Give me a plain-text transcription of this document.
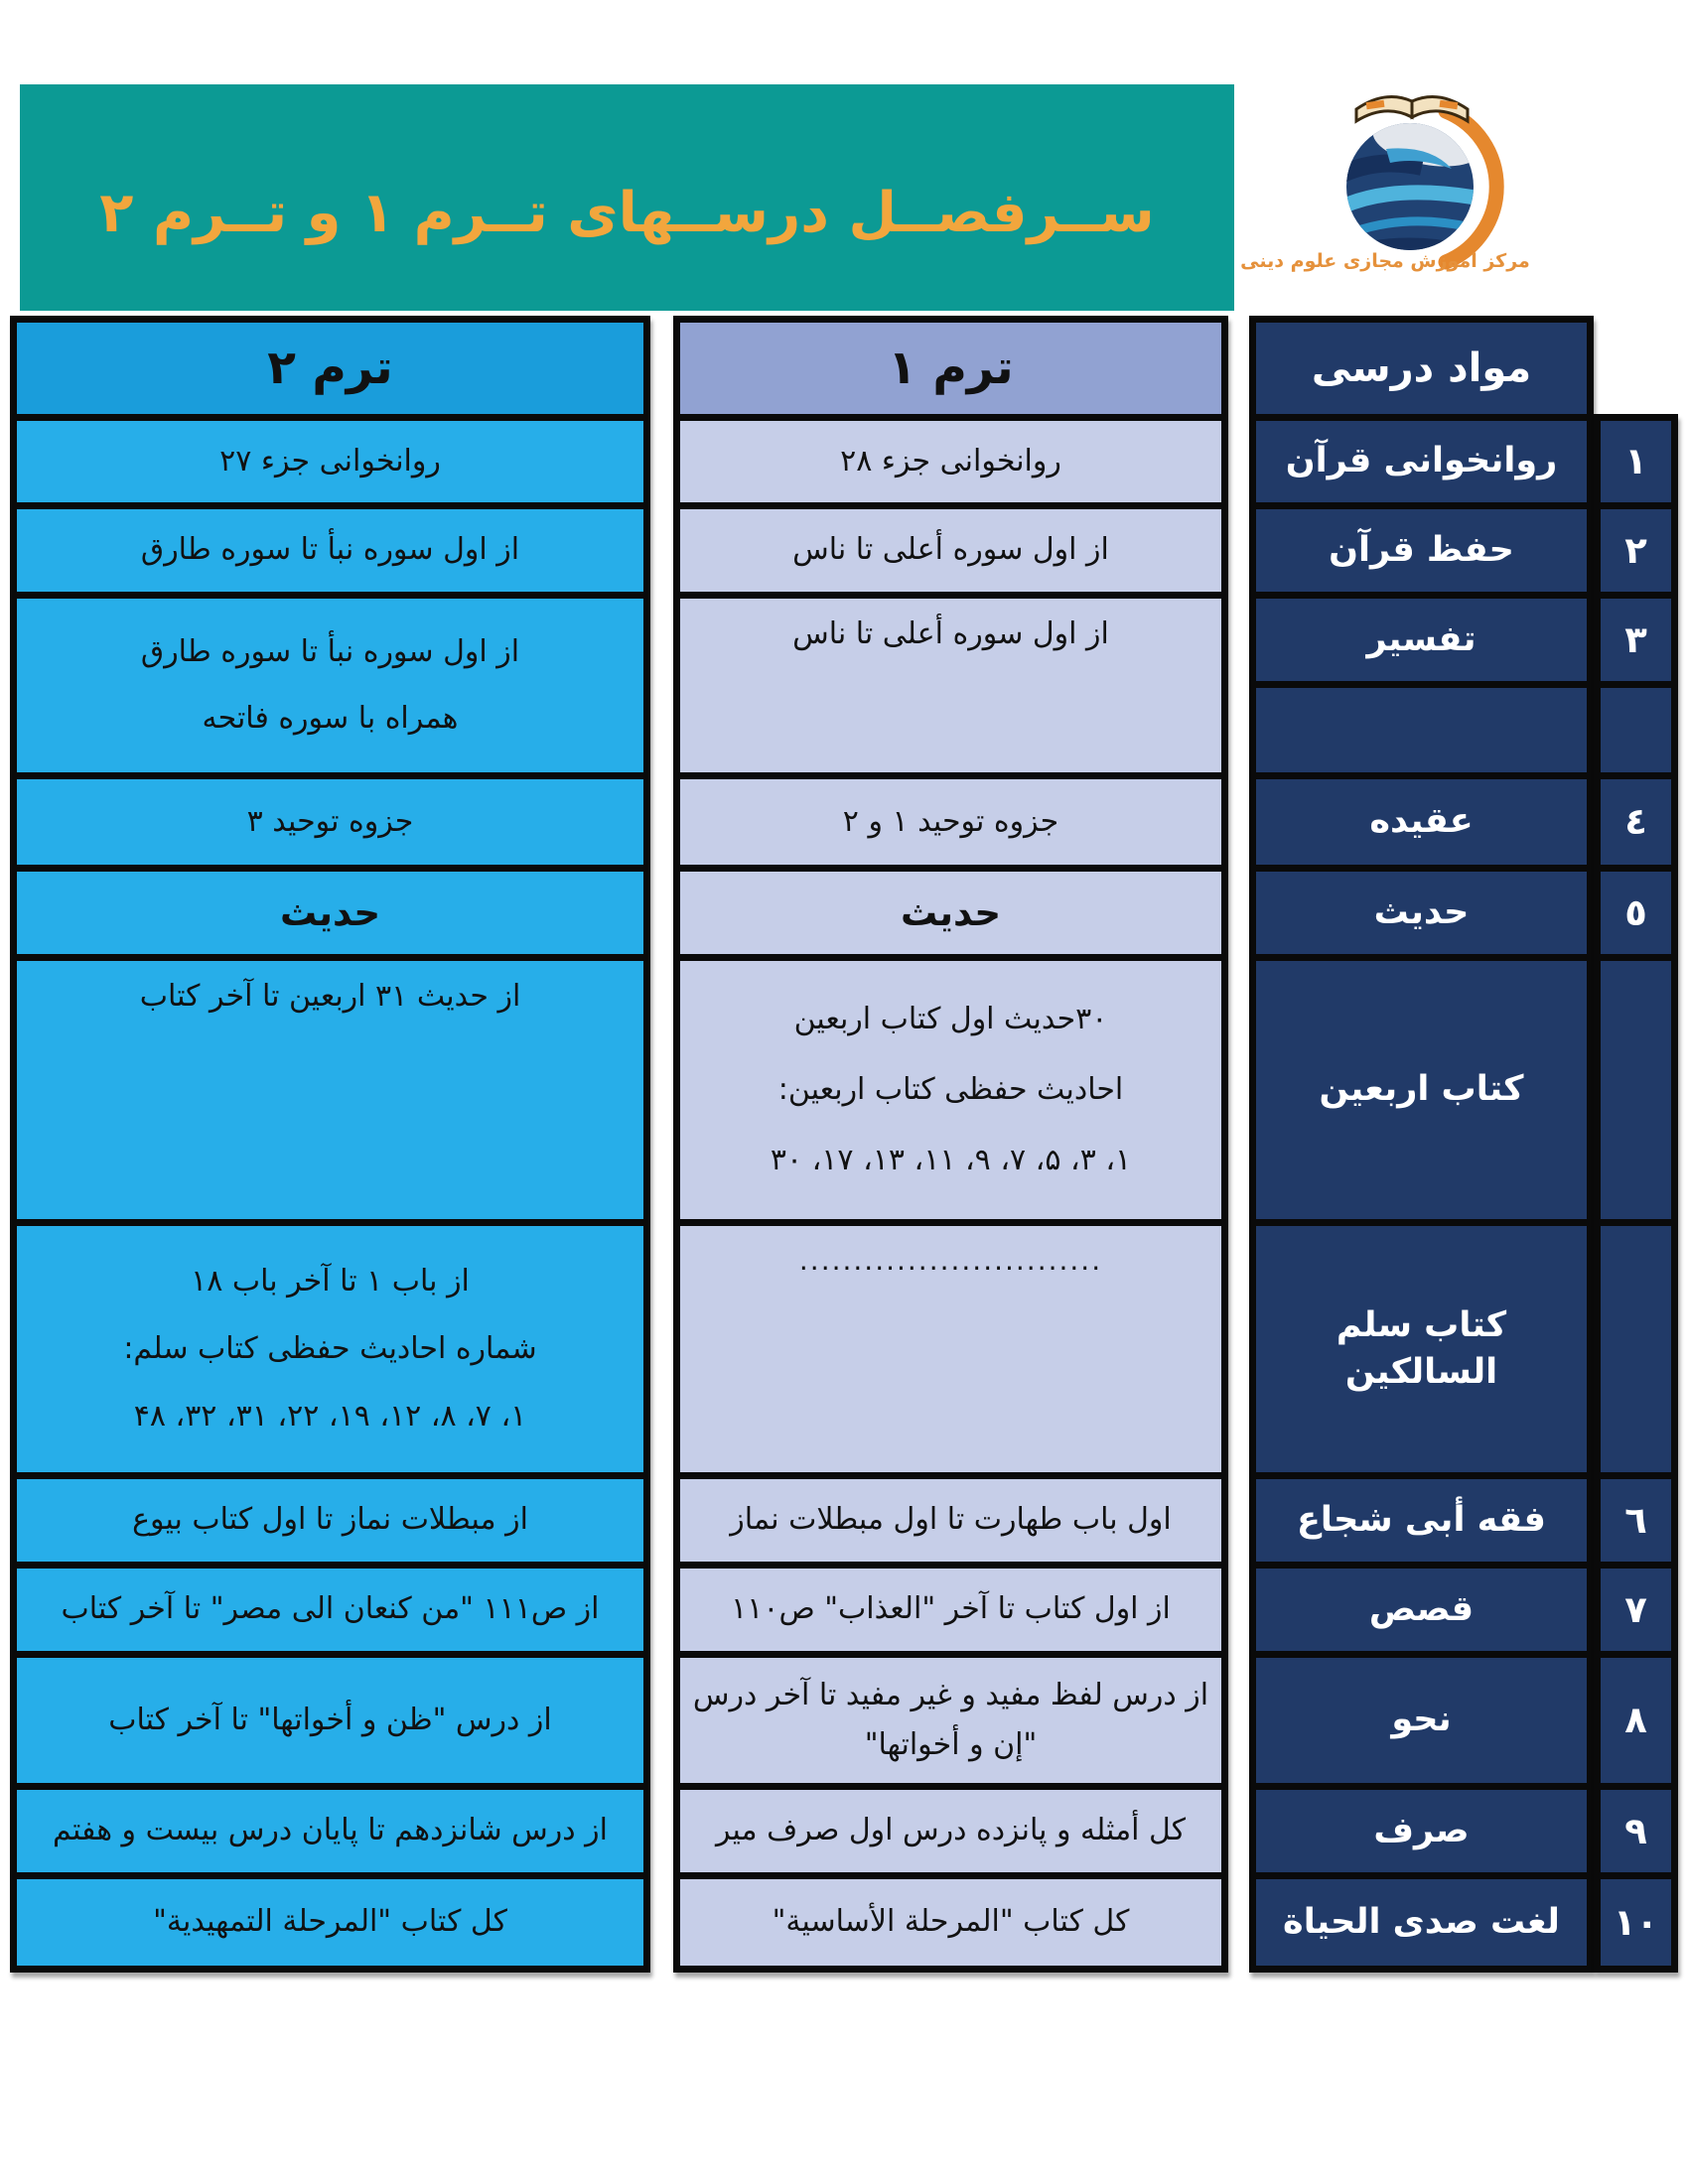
ســرفصــل درســهای تــرم ۱ و تــرم ۲
مرکز اموزش مجازی علوم دینی
ترم ۲
روانخوانی جزء ۲۷
از اول سوره نبأ تا سوره طارق
از اول سوره نبأ تا سوره طارق
همراه با سوره فاتحه
جزوه توحید ۳
حدیث
از حدیث ۳۱ اربعین تا آخر کتاب
از باب ۱ تا آخر باب ۱۸
شماره احادیث حفظی کتاب سلم:
۱، ۷، ۸، ۱۲، ۱۹، ۲۲، ۳۱، ۳۲، ۴۸
از مبطلات نماز تا اول کتاب بیوع
از ص۱۱۱ "من کنعان الی مصر" تا آخر کتاب
از درس "ظن و أخواتها" تا آخر کتاب
از درس شانزدهم تا پایان درس بیست و هفتم
کل کتاب "المرحلة التمهيدية"
ترم ۱
روانخوانی جزء ۲۸
از اول سوره أعلی تا ناس
از اول سوره أعلی تا ناس
جزوه توحید ۱ و ۲
حدیث
۳۰حدیث اول کتاب اربعین
احادیث حفظی کتاب اربعین:
۱، ۳، ۵، ۷، ۹، ۱۱، ۱۳، ۱۷، ۳۰
............................
اول باب طهارت تا اول مبطلات نماز
از اول کتاب تا آخر "العذاب" ص۱۱۰
از درس لفظ مفید و غیر مفید تا آخر درس
"إن و أخواتها"
کل أمثله و پانزده درس اول صرف میر
کل کتاب "المرحلة الأساسية"
مواد درسی
روانخوانی قرآن
حفظ قرآن
تفسیر
عقیده
حدیث
کتاب اربعین
کتاب سلم السالکین
فقه أبی شجاع
قصص
نحو
صرف
لغت صدی الحیاة
١
٢
٣
٤
٥
٦
٧
٨
٩
١٠
